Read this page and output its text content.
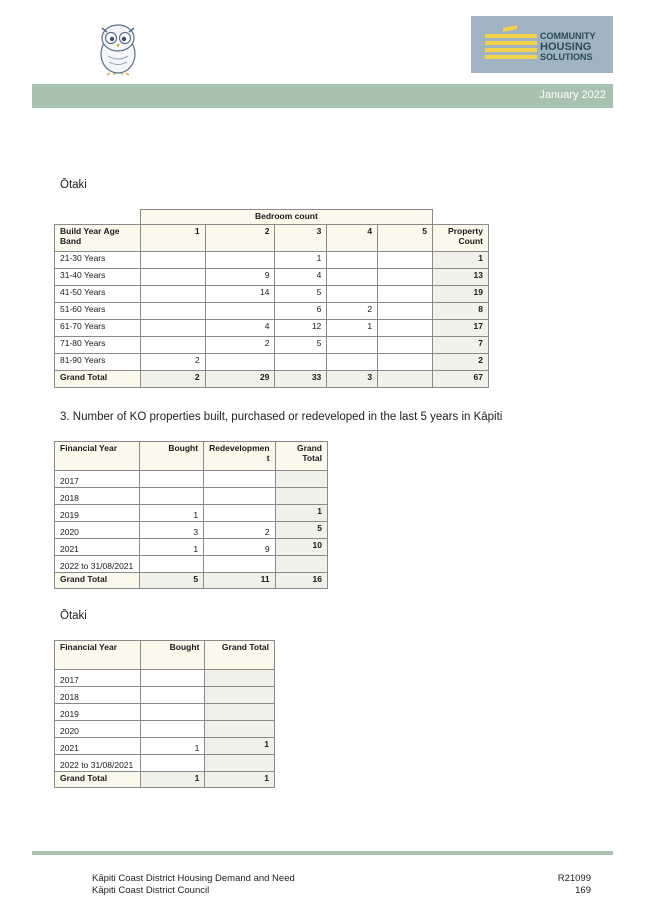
COMMUNITY
HOUSING
SOLUTIONS
January 2022
Ōtaki
	Bedroom count					
Build Year Age Band	1	2	3	4	5	Property Count
21-30 Years			1			1
31-40 Years		9	4			13
41-50 Years		14	5			19
51-60 Years			6	2		8
61-70 Years		4	12	1		17
71-80 Years		2	5			7
81-90 Years	2					2
Grand Total	2	29	33	3		67
3. Number of KO properties built, purchased or redeveloped in the last 5 years in Kāpiti
Financial Year	Bought	Redevelopmen t	Grand Total
2017			
2018			
2019	1		1
2020	3	2	5
2021	1	9	10
2022 to 31/08/2021			
Grand Total	5	11	16
Ōtaki
Financial Year	Bought	Grand Total
2017		
2018		
2019		
2020		
2021	1	1
2022 to 31/08/2021		
Grand Total	1	1
Kāpiti Coast District Housing Demand and Need
Kāpiti Coast District Council
R21099
169
